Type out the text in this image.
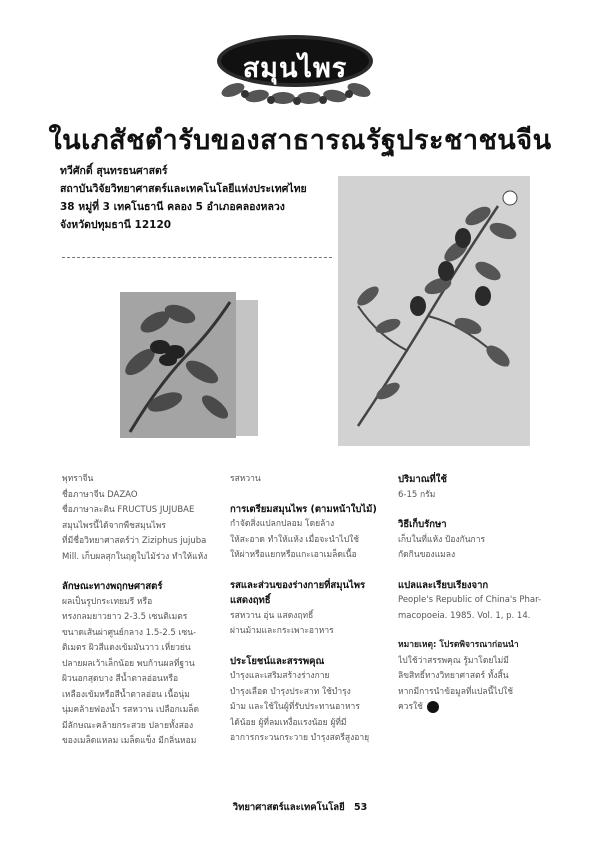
สมุนไพร
ในเภสัชตำรับของสาธารณรัฐประชาชนจีน
ทวีศักดิ์ สุนทรธนศาสตร์
สถาบันวิจัยวิทยาศาสตร์และเทคโนโลยีแห่งประเทศไทย
38 หมู่ที่ 3 เทคโนธานี คลอง 5 อำเภอคลองหลวง
จังหวัดปทุมธานี 12120
พุทราจีน
ชื่อภาษาจีน DAZAO
ชื่อภาษาละติน FRUCTUS JUJUBAE
สมุนไพรนี้ได้จากพืชสมุนไพร
ที่มีชื่อวิทยาศาสตร์ว่า Ziziphus jujuba
Mill. เก็บผลสุกในฤดูใบไม้ร่วง ทำให้แห้ง
ลักษณะทางพฤกษศาสตร์
ผลเป็นรูปกระเทยมรี หรือ
ทรงกลมยาวยาว 2-3.5 เซนติเมตร
ขนาดเส้นผ่าศูนย์กลาง 1.5-2.5 เซน-
ติเมตร ผิวสีแดงเข้มมันวาว เหี่ยวย่น
ปลายผลเว้าเล็กน้อย พบก้านผลที่ฐาน
ผิวนอกสุดบาง สีน้ำตาลอ่อนหรือ
เหลืองเข้มหรือสีน้ำตาลอ่อน เนื้อนุ่ม
นุ่มคล้ายฟองน้ำ รสหวาน เปลือกเมล็ด
มีลักษณะคล้ายกระสวย ปลายทั้งสอง
ของเมล็ดแหลม เมล็ดแข็ง มีกลิ่นหอม
รสหวาน
การเตรียมสมุนไพร (ตามหน้าใบไม้)
กำจัดสิ่งแปลกปลอม โดยล้าง
ให้สะอาด ทำให้แห้ง เมื่อจะนำไปใช้
ให้ผ่าหรือแยกหรือแกะเอาเมล็ดเนื้อ
รสและส่วนของร่างกายที่สมุนไพร
แสดงฤทธิ์
รสหวาน อุ่น แสดงฤทธิ์
ผ่านม้ามและกระเพาะอาหาร
ประโยชน์และสรรพคุณ
บำรุงและเสริมสร้างร่างกาย
บำรุงเลือด บำรุงประสาท ใช้บำรุง
ม้าม และใช้ในผู้ที่รับประทานอาหาร
ได้น้อย ผู้ที่ลมเหงื่อแรงน้อย ผู้ที่มี
อาการกระวนกระวาย บำรุงสตรีสูงอายุ
ปริมาณที่ใช้
6-15 กรัม
วิธีเก็บรักษา
เก็บในที่แห้ง ป้องกันการ
กัดกินของแมลง
แปลและเรียบเรียงจาก
People's Republic of China's Phar-
macopoeia. 1985. Vol. 1, p. 14.
หมายเหตุ: โปรดพิจารณาก่อนนำ
ไปใช้ว่าสรรพคุณ รู้มาโดยไม่มี
ลิขสิทธิ์ทางวิทยาศาสตร์ ทั้งสิ้น
หากมีการนำข้อมูลที่แปลนี้ไปใช้
ควรใช้
วิทยาศาสตร์และเทคโนโลยี 53
